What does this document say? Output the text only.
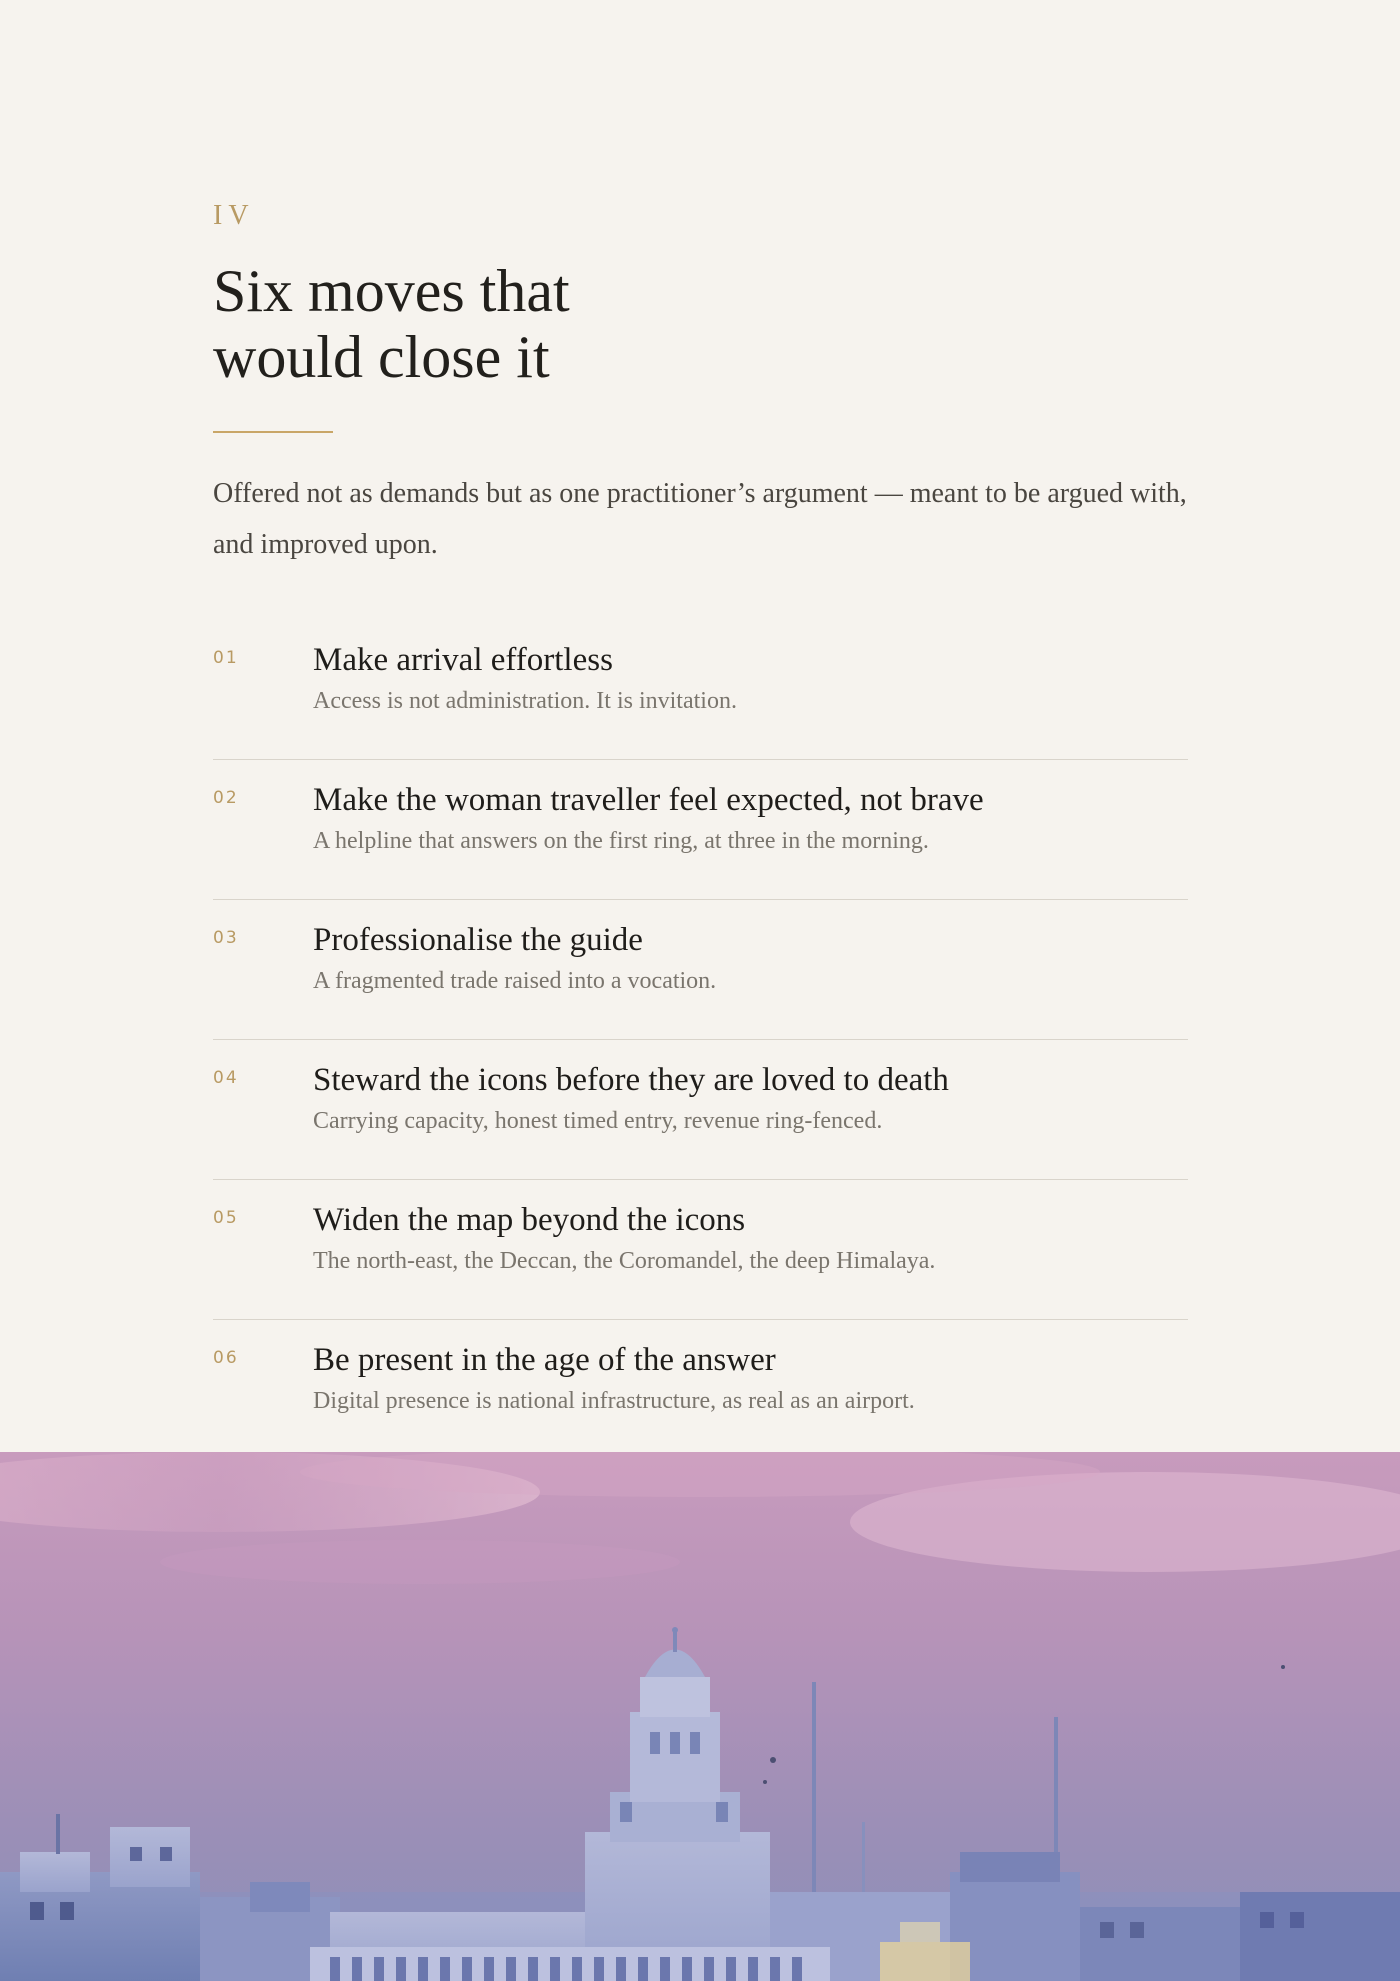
IV
Six moves that
would close it

Offered not as demands but as one practitioner’s argument — meant to be argued with, and improved upon.

01 Make arrival effortless
Access is not administration. It is invitation.
02 Make the woman traveller feel expected, not brave
A helpline that answers on the first ring, at three in the morning.
03 Professionalise the guide
A fragmented trade raised into a vocation.
04 Steward the icons before they are loved to death
Carrying capacity, honest timed entry, revenue ring-fenced.
05 Widen the map beyond the icons
The north-east, the Deccan, the Coromandel, the deep Himalaya.
06 Be present in the age of the answer
Digital presence is national infrastructure, as real as an airport.
